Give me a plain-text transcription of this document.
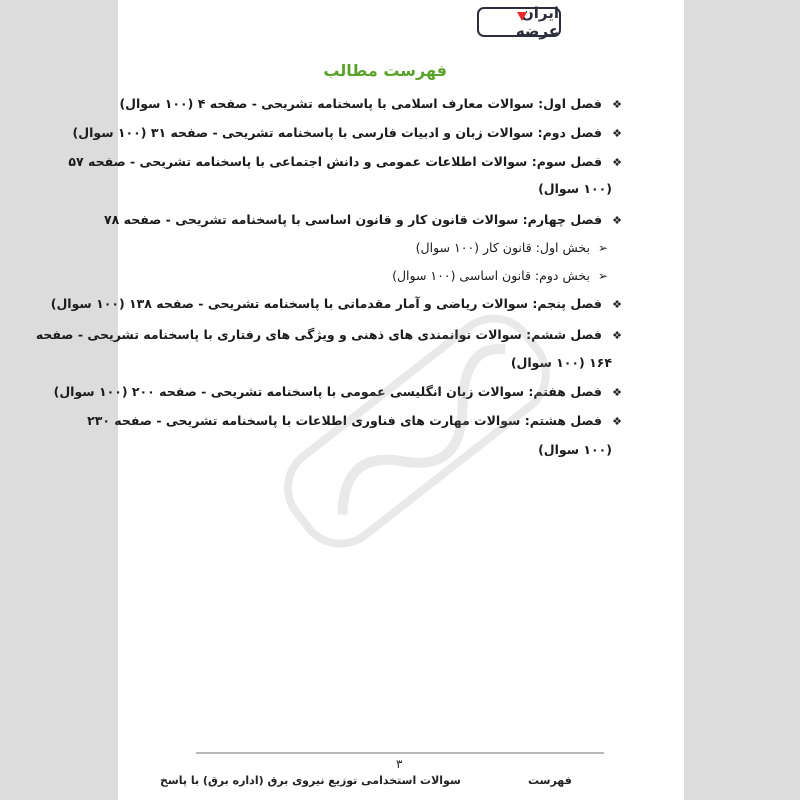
ایران عرضه
فهرست مطالب
❖فصل اول: سوالات معارف اسلامی با پاسخنامه تشریحی - صفحه ۴ (۱۰۰ سوال)
❖فصل دوم: سوالات زبان و ادبیات فارسی با پاسخنامه تشریحی - صفحه ۳۱ (۱۰۰ سوال)
❖فصل سوم: سوالات اطلاعات عمومی و دانش اجتماعی با پاسخنامه تشریحی - صفحه ۵۷
(۱۰۰ سوال)
❖فصل چهارم: سوالات قانون کار و قانون اساسی با پاسخنامه تشریحی - صفحه ۷۸
➢بخش اول: قانون کار (۱۰۰ سوال)
➢بخش دوم: قانون اساسی (۱۰۰ سوال)
❖فصل پنجم: سوالات ریاضی و آمار مقدماتی با پاسخنامه تشریحی - صفحه ۱۳۸ (۱۰۰ سوال)
❖فصل ششم: سوالات توانمندی های ذهنی و ویژگی های رفتاری با پاسخنامه تشریحی - صفحه
۱۶۴ (۱۰۰ سوال)
❖فصل هفتم: سوالات زبان انگلیسی عمومی با پاسخنامه تشریحی - صفحه ۲۰۰ (۱۰۰ سوال)
❖فصل هشتم: سوالات مهارت های فناوری اطلاعات با پاسخنامه تشریحی - صفحه ۲۳۰
(۱۰۰ سوال)
۳
سوالات استخدامی توزیع نیروی برق (اداره برق) با پاسخ	فهرست
